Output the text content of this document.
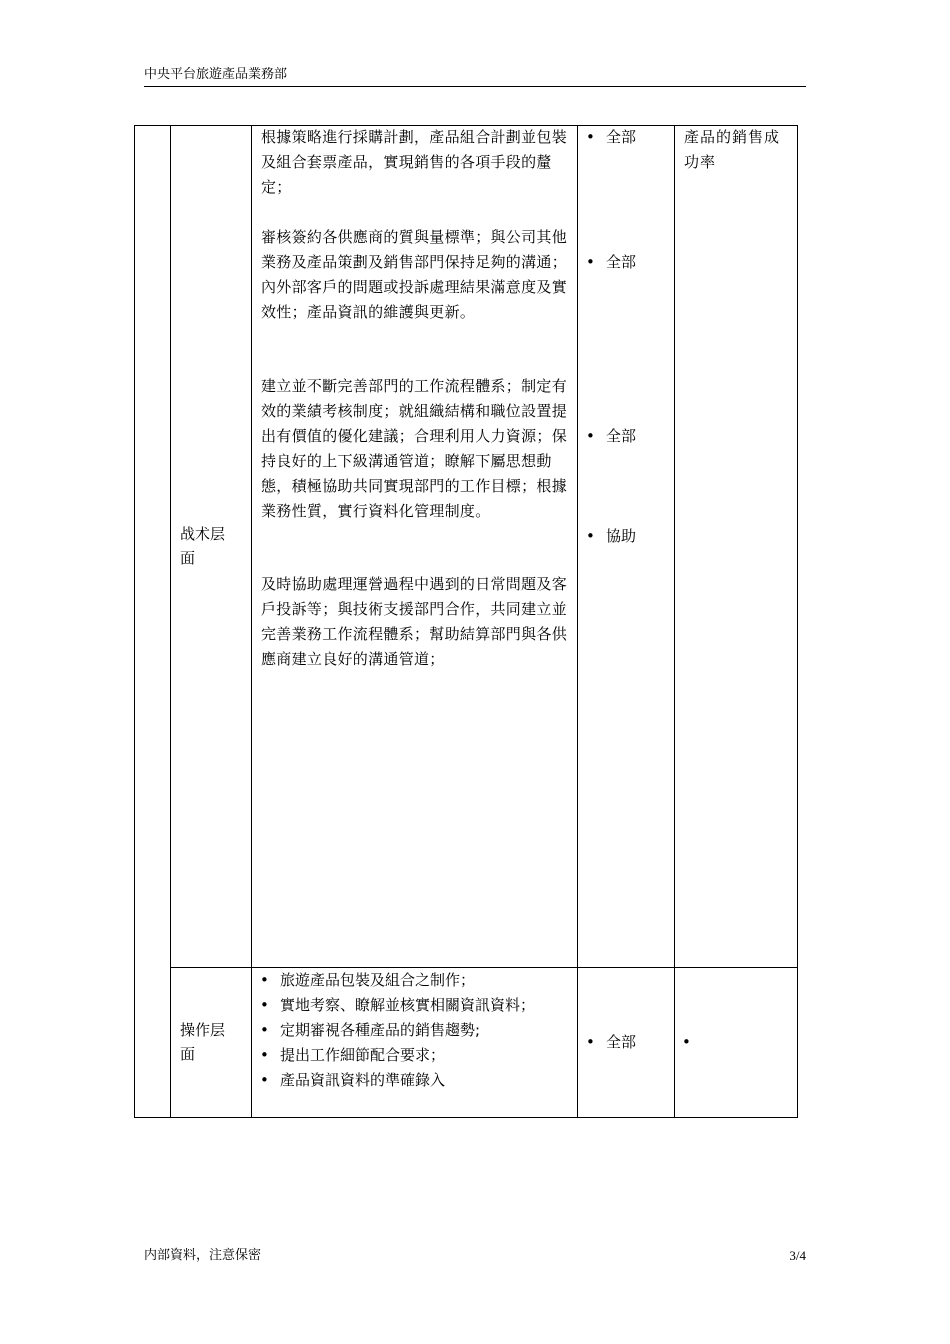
中央平台旅遊產品業務部
战术层
面
根據策略進行採購計劃，產品組合計劃並包裝及組合套票產品，實現銷售的各項手段的釐定；
審核簽約各供應商的質與量標準；與公司其他業務及產品策劃及銷售部門保持足夠的溝通；內外部客戶的問題或投訴處理結果滿意度及實效性；產品資訊的維護與更新。
建立並不斷完善部門的工作流程體系；制定有效的業績考核制度；就組織結構和職位設置提出有價值的優化建議；合理利用人力資源；保持良好的上下級溝通管道；瞭解下屬思想動態，積極協助共同實現部門的工作目標；根據業務性質，實行資料化管理制度。
及時協助處理運營過程中遇到的日常問題及客戶投訴等；與技術支援部門合作，共同建立並完善業務工作流程體系；幫助結算部門與各供應商建立良好的溝通管道；
• 全部
• 全部
• 全部
• 協助
產品的銷售成功率
操作层
面
• 旅遊產品包裝及組合之制作；
• 實地考察、瞭解並核實相關資訊資料；
• 定期審視各種產品的銷售趨勢;
• 提出工作細節配合要求；
• 產品資訊資料的準確錄入
• 全部	•
内部資料，注意保密	3/4
